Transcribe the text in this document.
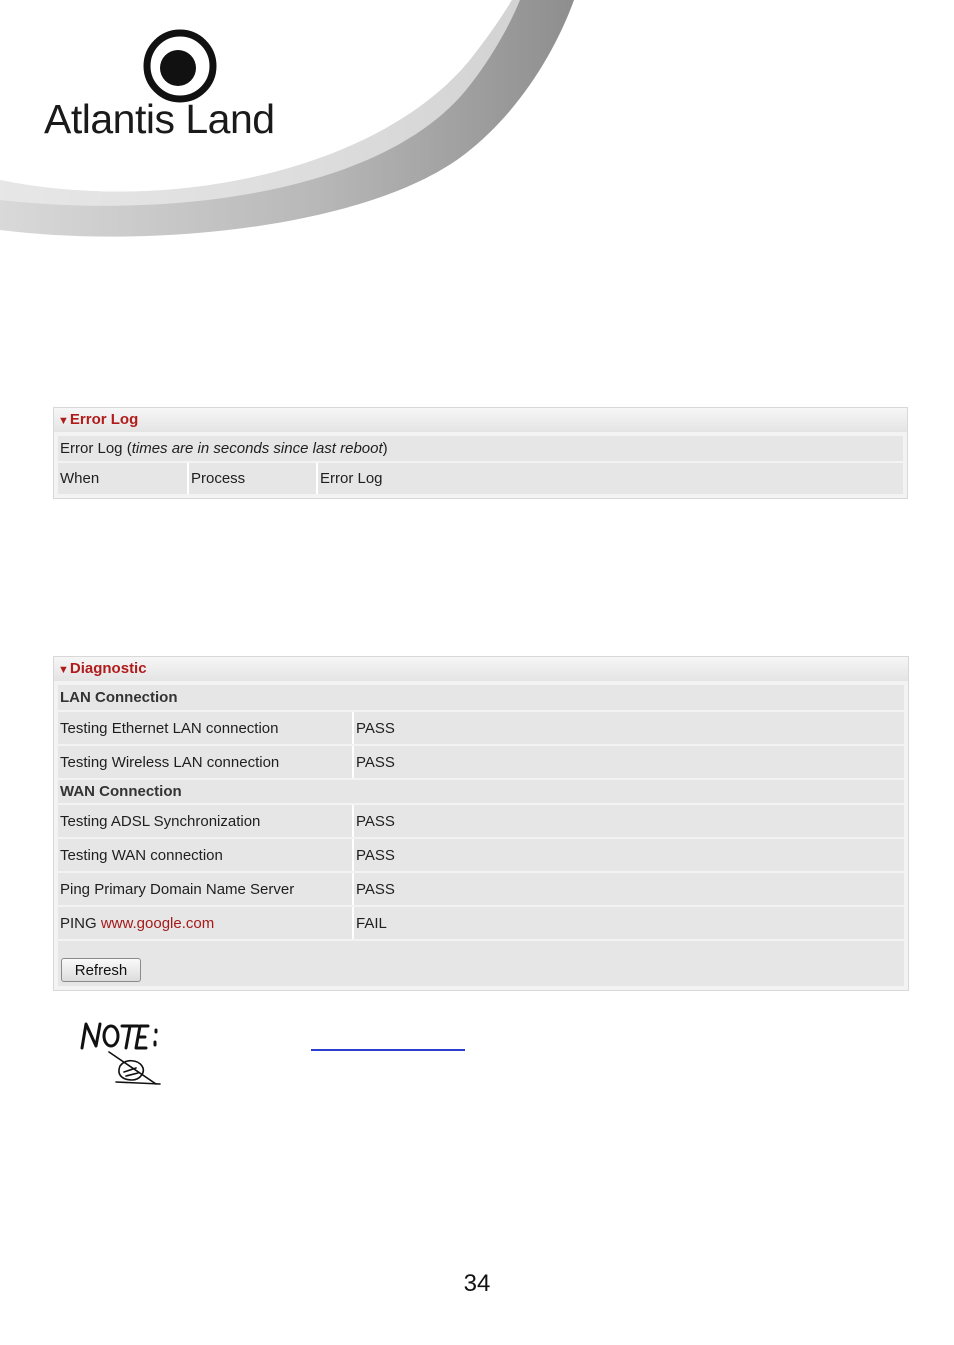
Atlantis Land
▼Error Log
Error Log ( times are in seconds since last reboot )
When	Process	Error Log
▼Diagnostic
LAN Connection
Testing Ethernet LAN connection	PASS
Testing Wireless LAN connection	PASS
WAN Connection
Testing ADSL Synchronization	PASS
Testing WAN connection	PASS
Ping Primary Domain Name Server	PASS
PING www.google.com	FAIL
Refresh
34
